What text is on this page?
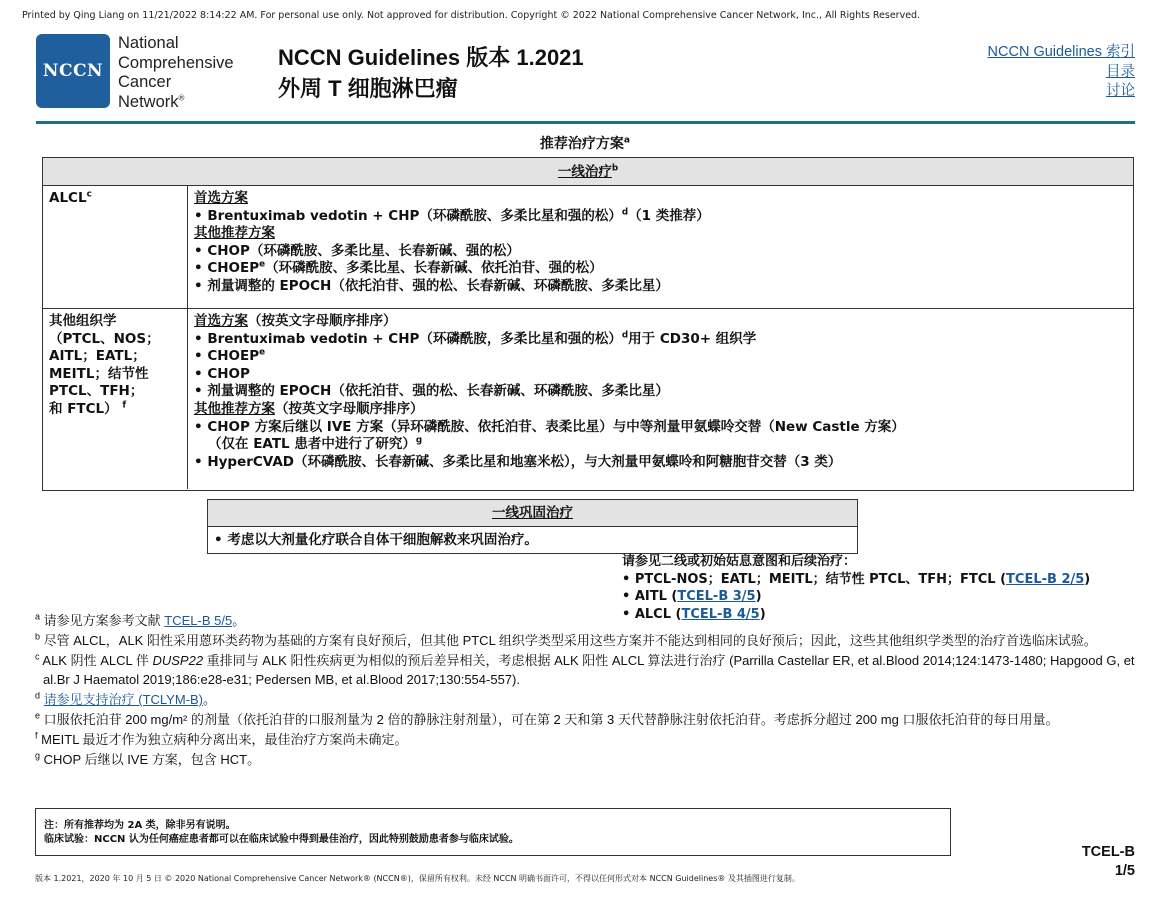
Printed by Qing Liang on 11/21/2022 8:14:22 AM. For personal use only. Not approved for distribution. Copyright © 2022 National Comprehensive Cancer Network, Inc., All Rights Reserved.
NCCN
National
Comprehensive
Cancer
Network®
NCCN Guidelines 版本 1.2021
外周 T 细胞淋巴瘤
NCCN Guidelines 索引
目录
讨论
推荐治疗方案$^a$
一线治疗$^b$
ALCL$^c$	首选方案
• Brentuximab vedotin + CHP（环磷酰胺、多柔比星和强的松）$^d$（1 类推荐）
其他推荐方案
• CHOP（环磷酰胺、多柔比星、长春新碱、强的松）
• CHOEP$^e$（环磷酰胺、多柔比星、长春新碱、依托泊苷、强的松）
• 剂量调整的 EPOCH（依托泊苷、强的松、长春新碱、环磷酰胺、多柔比星）
其他组织学
（PTCL、NOS；
AITL；EATL；
MEITL；结节性
PTCL、TFH；
和 FTCL） $^f$
首选方案（按英文字母顺序排序）
• Brentuximab vedotin + CHP（环磷酰胺，多柔比星和强的松）$^d$用于 CD30+ 组织学
• CHOEP$^e$
• CHOP
• 剂量调整的 EPOCH（依托泊苷、强的松、长春新碱、环磷酰胺、多柔比星）
其他推荐方案（按英文字母顺序排序）
• CHOP 方案后继以 IVE 方案（异环磷酰胺、依托泊苷、表柔比星）与中等剂量甲氨蝶呤交替（New Castle 方案）
（仅在 EATL 患者中进行了研究）$^g$
• HyperCVAD（环磷酰胺、长春新碱、多柔比星和地塞米松），与大剂量甲氨蝶呤和阿糖胞苷交替（3 类）
一线巩固治疗
• 考虑以大剂量化疗联合自体干细胞解救来巩固治疗。
请参见二线或初始姑息意图和后续治疗：
• PTCL-NOS；EATL；MEITL；结节性 PTCL、TFH；FTCL (TCEL-B 2/5)
• AITL (TCEL-B 3/5)
• ALCL (TCEL-B 4/5)
$^a$ 请参见方案参考文献 TCEL-B 5/5。
$^b$ 尽管 ALCL，ALK 阳性采用蒽环类药物为基础的方案有良好预后，但其他 PTCL 组织学类型采用这些方案并不能达到相同的良好预后；因此，这些其他组织学类型的治疗首选临床试验。
$^c$ ALK 阴性 ALCL 伴 DUSP22 重排同与 ALK 阳性疾病更为相似的预后差异相关，考虑根据 ALK 阳性 ALCL 算法进行治疗 (Parrilla Castellar ER, et al.Blood 2014;124:1473-1480; Hapgood G, et al.Br J Haematol 2019;186:e28-e31; Pedersen MB, et al.Blood 2017;130:554-557).
$^d$ 请参见支持治疗 (TCLYM-B)。
$^e$ 口服依托泊苷 200 mg/m² 的剂量（依托泊苷的口服剂量为 2 倍的静脉注射剂量），可在第 2 天和第 3 天代替静脉注射依托泊苷。考虑拆分超过 200 mg 口服依托泊苷的每日用量。
$^f$ MEITL 最近才作为独立病种分离出来，最佳治疗方案尚未确定。
$^g$ CHOP 后继以 IVE 方案，包含 HCT。
注：所有推荐均为 2A 类，除非另有说明。
临床试验：NCCN 认为任何癌症患者都可以在临床试验中得到最佳治疗，因此特别鼓励患者参与临床试验。
TCEL-B
1/5
版本 1.2021，2020 年 10 月 5 日 © 2020 National Comprehensive Cancer Network® (NCCN®)，保留所有权利。未经 NCCN 明确书面许可，不得以任何形式对本 NCCN Guidelines® 及其插图进行复制。
